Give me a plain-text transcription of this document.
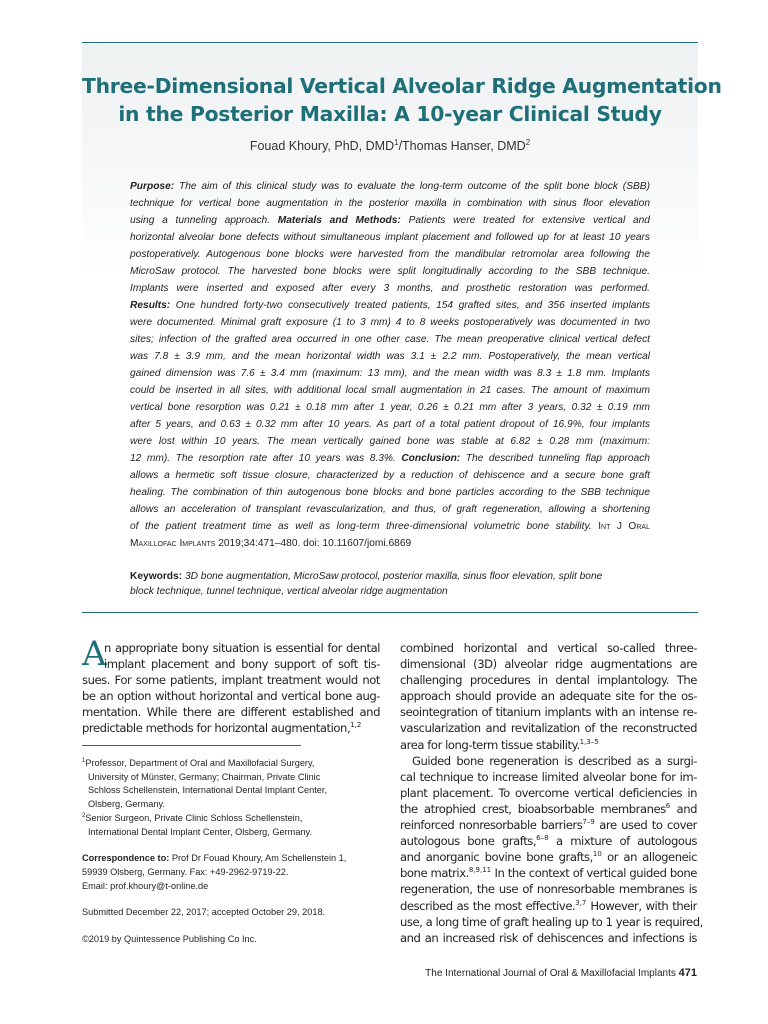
Three-Dimensional Vertical Alveolar Ridge Augmentation
in the Posterior Maxilla: A 10-year Clinical Study
Fouad Khoury, PhD, DMD$^1$/Thomas Hanser, DMD$^2$
Purpose: The aim of this clinical study was to evaluate the long-term outcome of the split bone block (SBB)
technique for vertical bone augmentation in the posterior maxilla in combination with sinus floor elevation
using a tunneling approach. Materials and Methods: Patients were treated for extensive vertical and
horizontal alveolar bone defects without simultaneous implant placement and followed up for at least 10 years
postoperatively. Autogenous bone blocks were harvested from the mandibular retromolar area following the
MicroSaw protocol. The harvested bone blocks were split longitudinally according to the SBB technique.
Implants were inserted and exposed after every 3 months, and prosthetic restoration was performed.
Results: One hundred forty-two consecutively treated patients, 154 grafted sites, and 356 inserted implants
were documented. Minimal graft exposure (1 to 3 mm) 4 to 8 weeks postoperatively was documented in two
sites; infection of the grafted area occurred in one other case. The mean preoperative clinical vertical defect
was 7.8 ± 3.9 mm, and the mean horizontal width was 3.1 ± 2.2 mm. Postoperatively, the mean vertical
gained dimension was 7.6 ± 3.4 mm (maximum: 13 mm), and the mean width was 8.3 ± 1.8 mm. Implants
could be inserted in all sites, with additional local small augmentation in 21 cases. The amount of maximum
vertical bone resorption was 0.21 ± 0.18 mm after 1 year, 0.26 ± 0.21 mm after 3 years, 0.32 ± 0.19 mm
after 5 years, and 0.63 ± 0.32 mm after 10 years. As part of a total patient dropout of 16.9%, four implants
were lost within 10 years. The mean vertically gained bone was stable at 6.82 ± 0.28 mm (maximum:
12 mm). The resorption rate after 10 years was 8.3%. Conclusion: The described tunneling flap approach
allows a hermetic soft tissue closure, characterized by a reduction of dehiscence and a secure bone graft
healing. The combination of thin autogenous bone blocks and bone particles according to the SBB technique
allows an acceleration of transplant revascularization, and thus, of graft regeneration, allowing a shortening
of the patient treatment time as well as long-term three-dimensional volumetric bone stability. Int J Oral
Maxillofac Implants 2019;34:471–480. doi: 10.11607/jomi.6869
Keywords: 3D bone augmentation, MicroSaw protocol, posterior maxilla, sinus floor elevation, split bone
block technique, tunnel technique, vertical alveolar ridge augmentation
A
n appropriate bony situation is essential for dental
implant placement and bony support of soft tis-
sues. For some patients, implant treatment would not
be an option without horizontal and vertical bone aug-
mentation. While there are different established and
predictable methods for horizontal augmentation,$^{1,2}$
$^1$Professor, Department of Oral and Maxillofacial Surgery,
University of Münster, Germany; Chairman, Private Clinic
Schloss Schellenstein, International Dental Implant Center,
Olsberg, Germany.
$^2$Senior Surgeon, Private Clinic Schloss Schellenstein,
International Dental Implant Center, Olsberg, Germany.
Correspondence to: Prof Dr Fouad Khoury, Am Schellenstein 1,
59939 Olsberg, Germany. Fax: +49-2962-9719-22.
Email: prof.khoury@t-online.de
Submitted December 22, 2017; accepted October 29, 2018.
©2019 by Quintessence Publishing Co Inc.
combined horizontal and vertical so-called three-
dimensional (3D) alveolar ridge augmentations are
challenging procedures in dental implantology. The
approach should provide an adequate site for the os-
seointegration of titanium implants with an intense re-
vascularization and revitalization of the reconstructed
area for long-term tissue stability.$^{1,3-5}$
Guided bone regeneration is described as a surgi-
cal technique to increase limited alveolar bone for im-
plant placement. To overcome vertical deficiencies in
the atrophied crest, bioabsorbable membranes$^6$ and
reinforced nonresorbable barriers$^{7-9}$ are used to cover
autologous bone grafts,$^{6-8}$ a mixture of autologous
and anorganic bovine bone grafts,$^{10}$ or an allogeneic
bone matrix.$^{8,9,11}$ In the context of vertical guided bone
regeneration, the use of nonresorbable membranes is
described as the most effective.$^{3,7}$ However, with their
use, a long time of graft healing up to 1 year is required,
and an increased risk of dehiscences and infections is
The International Journal of Oral & Maxillofacial Implants 471
